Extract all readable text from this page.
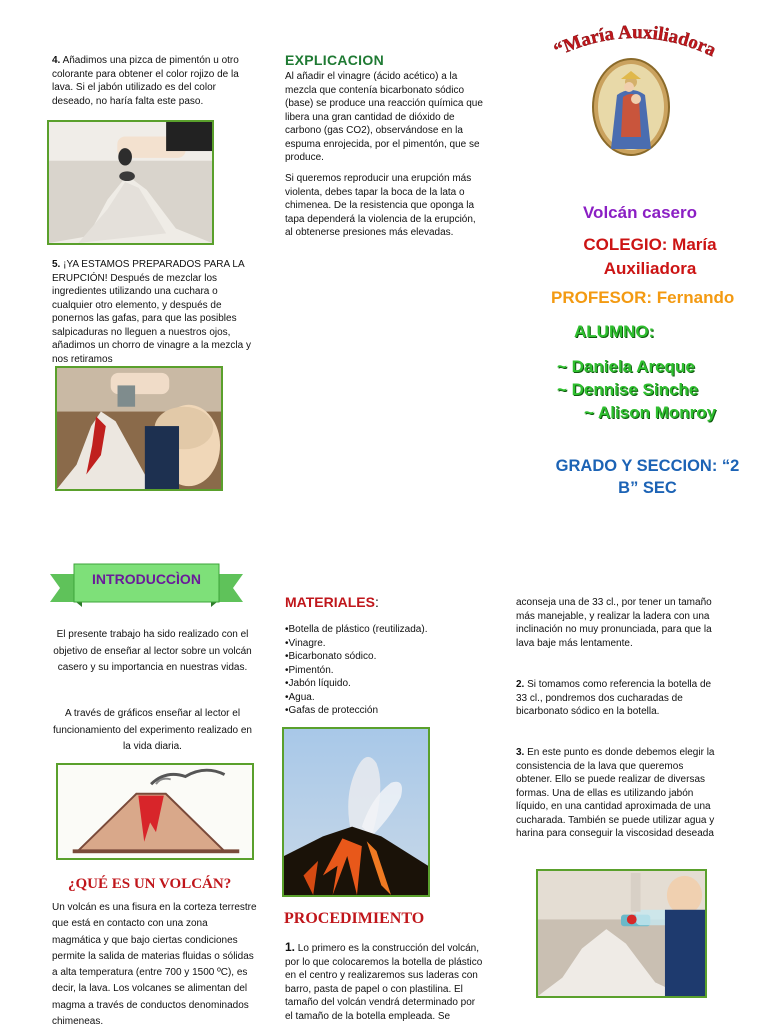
4. Añadimos una pizca de pimentón u otro colorante para obtener el color rojizo de la lava. Si el jabón utilizado es del color deseado, no haría falta este paso.

5. ¡YA ESTAMOS PREPARADOS PARA LA ERUPCIÓN! Después de mezclar los ingredientes utilizando una cuchara o cualquier otro elemento, y después de ponernos las gafas, para que las posibles salpicaduras no lleguen a nuestros ojos, añadimos un chorro de vinagre a la mezcla y nos retiramos

EXPLICACION

Al añadir el vinagre (ácido acético) a la mezcla que contenía bicarbonato sódico (base) se produce una reacción química que libera una gran cantidad de dióxido de carbono (gas CO2), observándose en la espuma enrojecida, por el pimentón, que se produce.

Si queremos reproducir una erupción más violenta, debes tapar la boca de la lata o chimenea. De la resistencia que oponga la tapa dependerá la violencia de la erupción, al obtenerse presiones más elevadas.

“María Auxiliadora
Volcán casero
COLEGIO: María
Auxiliadora
PROFESOR: Fernando
ALUMNO:
~ Daniela Areque
~ Dennise Sinche
~ Alison Monroy
GRADO Y SECCION: “2
B” SEC
INTRODUCCÌON

El presente trabajo ha sido realizado con el objetivo de enseñar al lector sobre un volcán casero y su importancia en nuestras vidas.

A través de gráficos enseñar al lector el funcionamiento del experimento realizado en la vida diaria.

¿QUÉ ES UN VOLCÁN?

Un volcán es una fisura en la corteza terrestre que está en contacto con una zona magmática y que bajo ciertas condiciones permite la salida de materias fluidas o sólidas a alta temperatura (entre 700 y 1500 ºC), es decir, la lava. Los volcanes se alimentan del magma a través de conductos denominados chimeneas.

MATERIALES:
• Botella de plástico (reutilizada).
• Vinagre.
• Bicarbonato sódico.
• Pimentón.
• Jabón líquido.
• Agua.
• Gafas de protección
PROCEDIMIENTO

1. Lo primero es la construcción del volcán, por lo que colocaremos la botella de plástico en el centro y realizaremos sus laderas con barro, pasta de papel o con plastilina. El tamaño del volcán vendrá determinado por el tamaño de la botella empleada. Se

aconseja una de 33 cl., por tener un tamaño más manejable, y realizar la ladera con una inclinación no muy pronunciada, para que la lava baje más lentamente.

2. Si tomamos como referencia la botella de 33 cl., pondremos dos cucharadas de bicarbonato sódico en la botella.

3. En este punto es donde debemos elegir la consistencia de la lava que queremos obtener. Ello se puede realizar de diversas formas. Una de ellas es utilizando jabón líquido, en una cantidad aproximada de una cucharada. También se puede utilizar agua y harina para conseguir la viscosidad deseada
